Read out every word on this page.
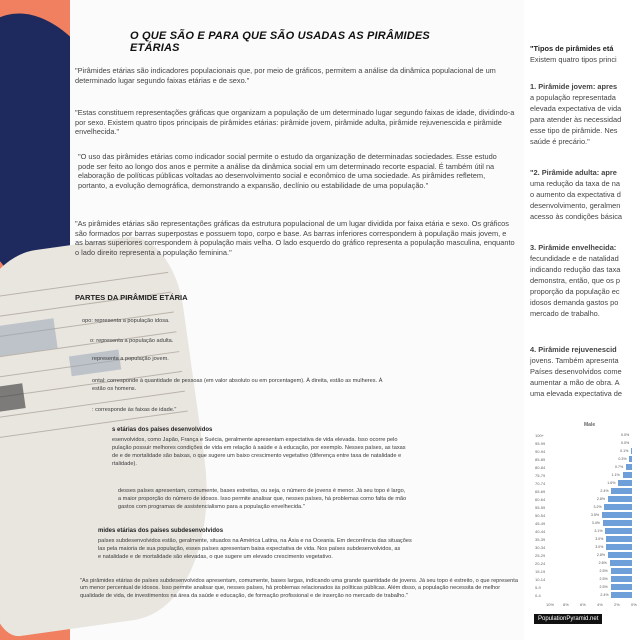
O QUE SÃO E PARA QUE SÃO USADAS AS PIRÂMIDES ETÁRIAS

"Pirâmides etárias são indicadores populacionais que, por meio de gráficos, permitem a análise da dinâmica populacional de um determinado lugar segundo faixas etárias e de sexo."

"Estas constituem representações gráficas que organizam a população de um determinado lugar segundo faixas de idade, dividindo-a por sexo. Existem quatro tipos principais de pirâmides etárias: pirâmide jovem, pirâmide adulta, pirâmide rejuvenescida e pirâmide envelhecida."

"O uso das pirâmides etárias como indicador social permite o estudo da organização de determinadas sociedades. Esse estudo pode ser feito ao longo dos anos e permite a análise da dinâmica social em um determinado recorte espacial. É também útil na elaboração de políticas públicas voltadas ao desenvolvimento social e econômico de uma sociedade. As pirâmides refletem, portanto, a evolução demográfica, demonstrando a expansão, declínio ou estabilidade de uma população."

"As pirâmides etárias são representações gráficas da estrutura populacional de um lugar dividida por faixa etária e sexo. Os gráficos são formados por barras superpostas e possuem topo, corpo e base. As barras inferiores correspondem à população mais jovem, e as barras superiores correspondem à população mais velha. O lado esquerdo do gráfico representa a população masculina, enquanto o lado direito representa a população feminina."

PARTES DA PIRÂMIDE ETÁRIA

opo: representa a população idosa.

o: representa a população adulta.

representa a população jovem.

ontal: corresponde à quantidade de pessoas (em valor absoluto ou em porcentagem). À direita, estão as mulheres. À

estão os homens.

: corresponde às faixas de idade."

s etárias dos países desenvolvidos

esenvolvidos, como Japão, França e Suécia, geralmente apresentam expectativa de vida elevada. Isso ocorre pelo

pulação possuir melhores condições de vida em relação à saúde e à educação, por exemplo. Nesses países, as taxas

de e de mortalidade são baixas, o que sugere um baixo crescimento vegetativo (diferença entre taxa de natalidade e

rtalidade).

desses países apresentam, comumente, bases estreitas, ou seja, o número de jovens é menor. Já seu topo é largo,

a maior proporção do número de idosos. Isso permite analisar que, nesses países, há problemas como falta de mão

gastos com programas de assistencialismo para a população envelhecida."

mides etárias dos países subdesenvolvidos

países subdesenvolvidos estão, geralmente, situados na América Latina, na Ásia e na Oceania. Em decorrência das situações

las pela maioria de sua população, esses países apresentam baixa expectativa de vida. Nos países subdesenvolvidos, as

e natalidade e de mortalidade são elevadas, o que sugere um elevado crescimento vegetativo.

"As pirâmides etárias de países subdesenvolvidos apresentam, comumente, bases largas, indicando uma grande quantidade de jovens. Já seu topo é estreito, o que representa um menor percentual de idosos. Isso permite analisar que, nesses países, há problemas relacionados às políticas públicas. Além disso, a população necessita de melhor qualidade de vida, de investimentos na área da saúde e educação, de formação profissional e de inserção no mercado de trabalho."

"Tipos de pirâmides etá

Existem quatro tipos princi

1. Pirâmide jovem: apres

a população representada

elevada expectativa de vida

para atender às necessidad

esse tipo de pirâmide. Nes

saúde é precário."

"2. Pirâmide adulta: apre

uma redução da taxa de na

o aumento da expectativa d

desenvolvimento, geralmen

acesso às condições básica

3. Pirâmide envelhecida:

fecundidade e de natalidad

indicando redução das taxa

demonstra, então, que os p

proporção da população ec

idosos demanda gastos po

mercado de trabalho.

4. Pirâmide rejuvenescid

jovens. Também apresenta

Países desenvolvidos come

aumentar a mão de obra. A

uma elevada expectativa de

Male
100+	0.0%
95-99	0.0%
90-94	0.1%
85-89	0.3%
80-84	0.7%
75-79	1.1%
70-74	1.6%
65-69	2.4%
60-64	2.8%
55-59	3.2%
50-54	3.5%
45-49	3.4%
40-44	3.1%
35-39	3.0%
30-34	3.0%
25-29	2.8%
20-24	2.6%
15-19	2.5%
10-14	2.5%
5-9	2.5%
0-4	2.4%
10% 8%	6%	4%	2%	0%
PopulationPyramid.net
